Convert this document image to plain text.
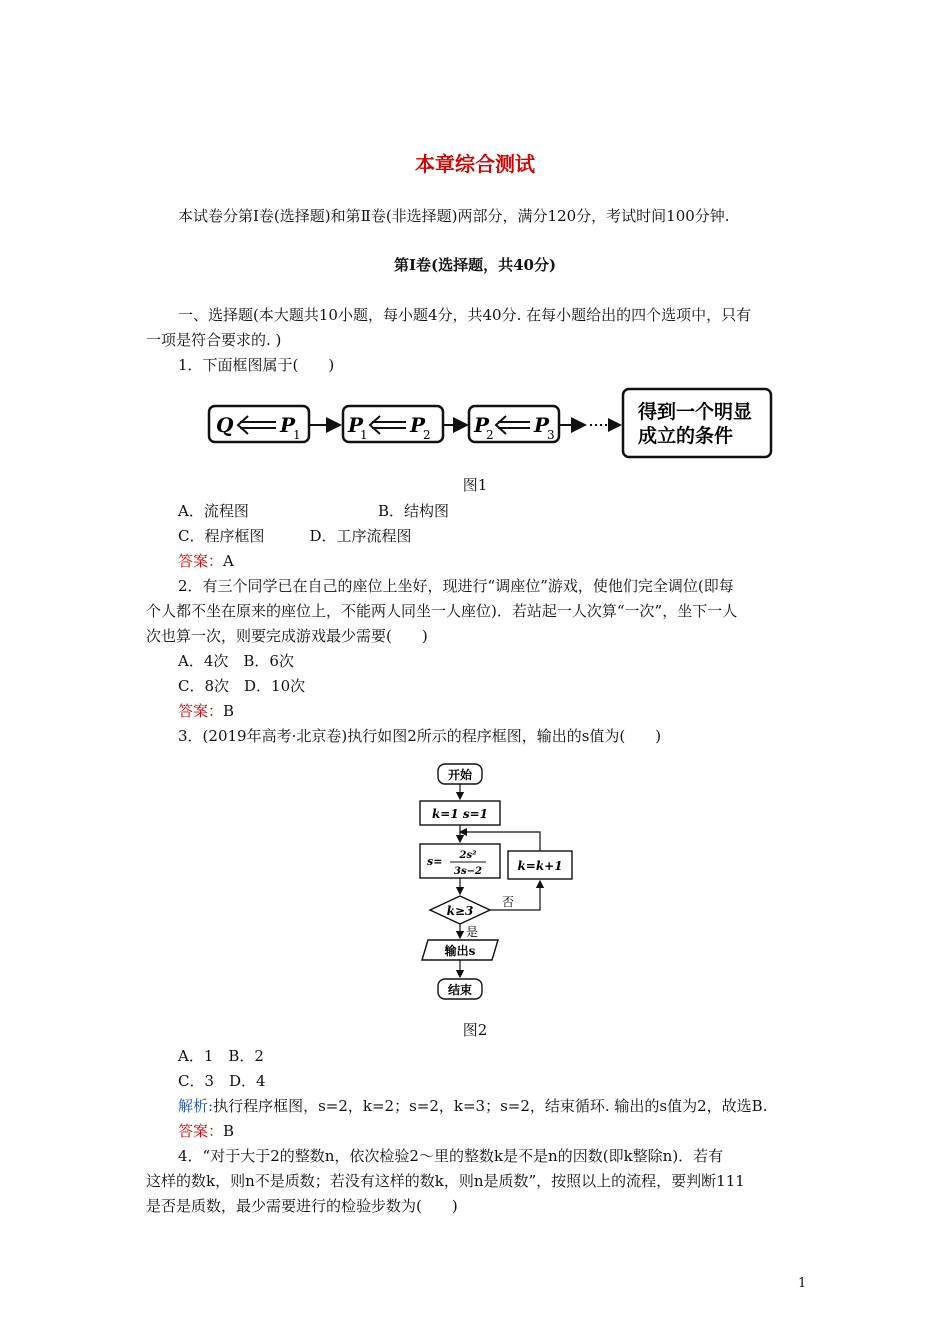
本章综合测试
本试卷分第Ⅰ卷(选择题)和第Ⅱ卷(非选择题)两部分，满分120分，考试时间100分钟.
第Ⅰ卷(选择题，共40分)
一、选择题(本大题共10小题，每小题4分，共40分. 在每小题给出的四个选项中，只有
一项是符合要求的. )
1．下面框图属于(　　)
Q P
1 P
1 P
2 P
2 P
3
得到一个明显
成立的条件
图1
A．流程图	B．结构图
C．程序框图　　　D．工序流程图
答案：A
2．有三个同学已在自己的座位上坐好，现进行“调座位”游戏，使他们完全调位(即每
个人都不坐在原来的座位上，不能两人同坐一人座位)．若站起一人次算“一次”，坐下一人
次也算一次，则要完成游戏最少需要(　　)
A．4次　B．6次
C．8次　D．10次
答案：B
3．(2019年高考·北京卷)执行如图2所示的程序框图，输出的s值为(　　)
开始
k=1 s=1
s= 2s²
3s−2
k≥3
否
k=k+1
是
输出s
结束
图2
A．1　B．2
C．3　D．4
解析:执行程序框图，s=2，k=2；s=2，k=3；s=2，结束循环. 输出的s值为2，故选B.
答案：B
4．“对于大于2的整数n，依次检验2～里的整数k是不是n的因数(即k整除n)．若有
这样的数k，则n不是质数；若没有这样的数k，则n是质数”，按照以上的流程，要判断111
是否是质数，最少需要进行的检验步数为(　　)
1
